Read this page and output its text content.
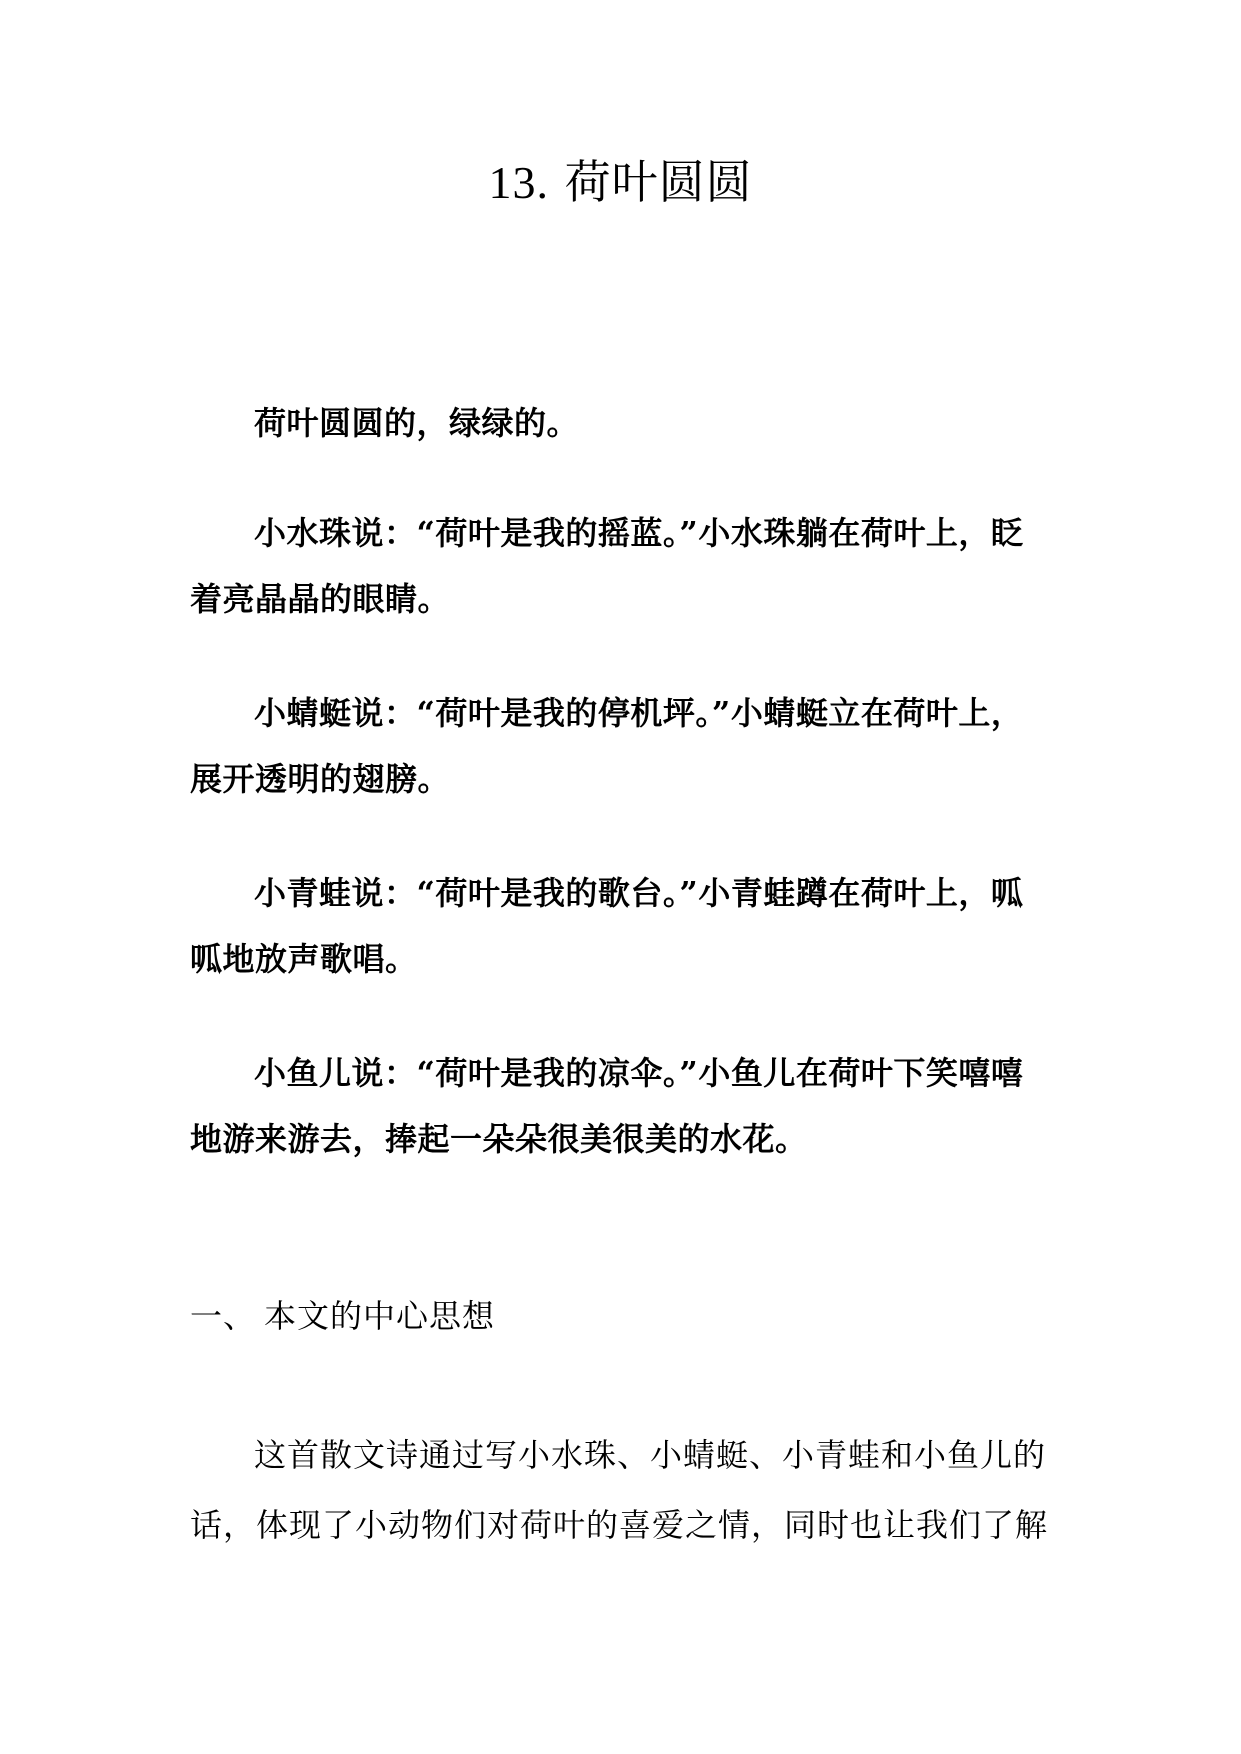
13. 荷叶圆圆

荷叶圆圆的，绿绿的。

小水珠说：“荷叶是我的摇蓝。”小水珠躺在荷叶上，眨着亮晶晶的眼睛。

小蜻蜓说：“荷叶是我的停机坪。”小蜻蜓立在荷叶上，展开透明的翅膀。

小青蛙说：“荷叶是我的歌台。”小青蛙蹲在荷叶上，呱呱地放声歌唱。

小鱼儿说：“荷叶是我的凉伞。”小鱼儿在荷叶下笑嘻嘻地游来游去，捧起一朵朵很美很美的水花。

一、 本文的中心思想

这首散文诗通过写小水珠、小蜻蜓、小青蛙和小鱼儿的话，体现了小动物们对荷叶的喜爱之情，同时也让我们了解
